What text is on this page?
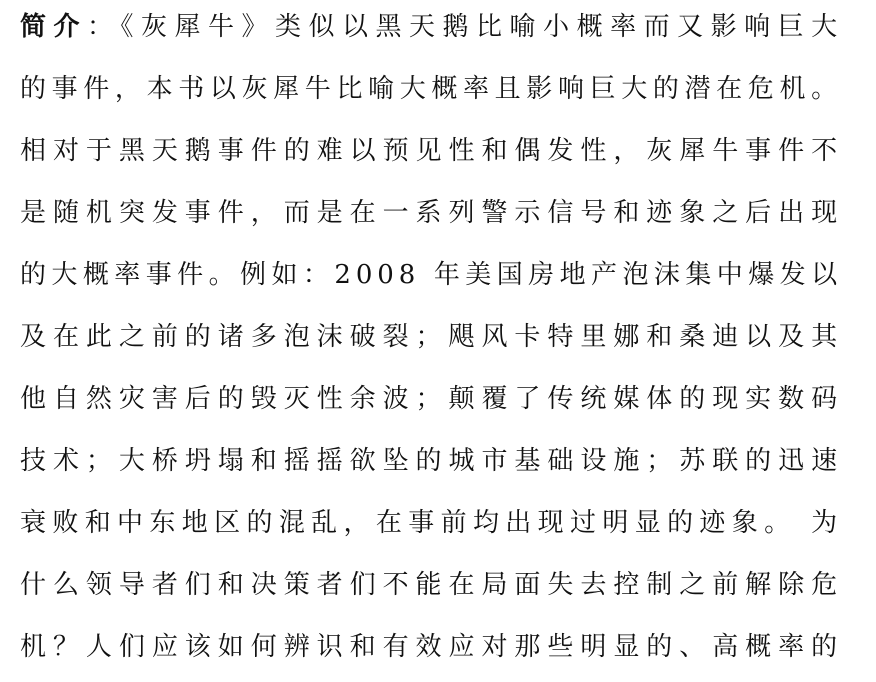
简介：《灰犀牛》类似以黑天鹅比喻小概率而又影响巨大
的事件，本书以灰犀牛比喻大概率且影响巨大的潜在危机。
相对于黑天鹅事件的难以预见性和偶发性，灰犀牛事件不
是随机突发事件，而是在一系列警示信号和迹象之后出现
的大概率事件。例如：2008 年美国房地产泡沫集中爆发以
及在此之前的诸多泡沫破裂；飓风卡特里娜和桑迪以及其
他自然灾害后的毁灭性余波；颠覆了传统媒体的现实数码
技术；大桥坍塌和摇摇欲坠的城市基础设施；苏联的迅速
衰败和中东地区的混乱，在事前均出现过明显的迹象。 为
什么领导者们和决策者们不能在局面失去控制之前解除危
机？人们应该如何辨识和有效应对那些明显的、高概率的
